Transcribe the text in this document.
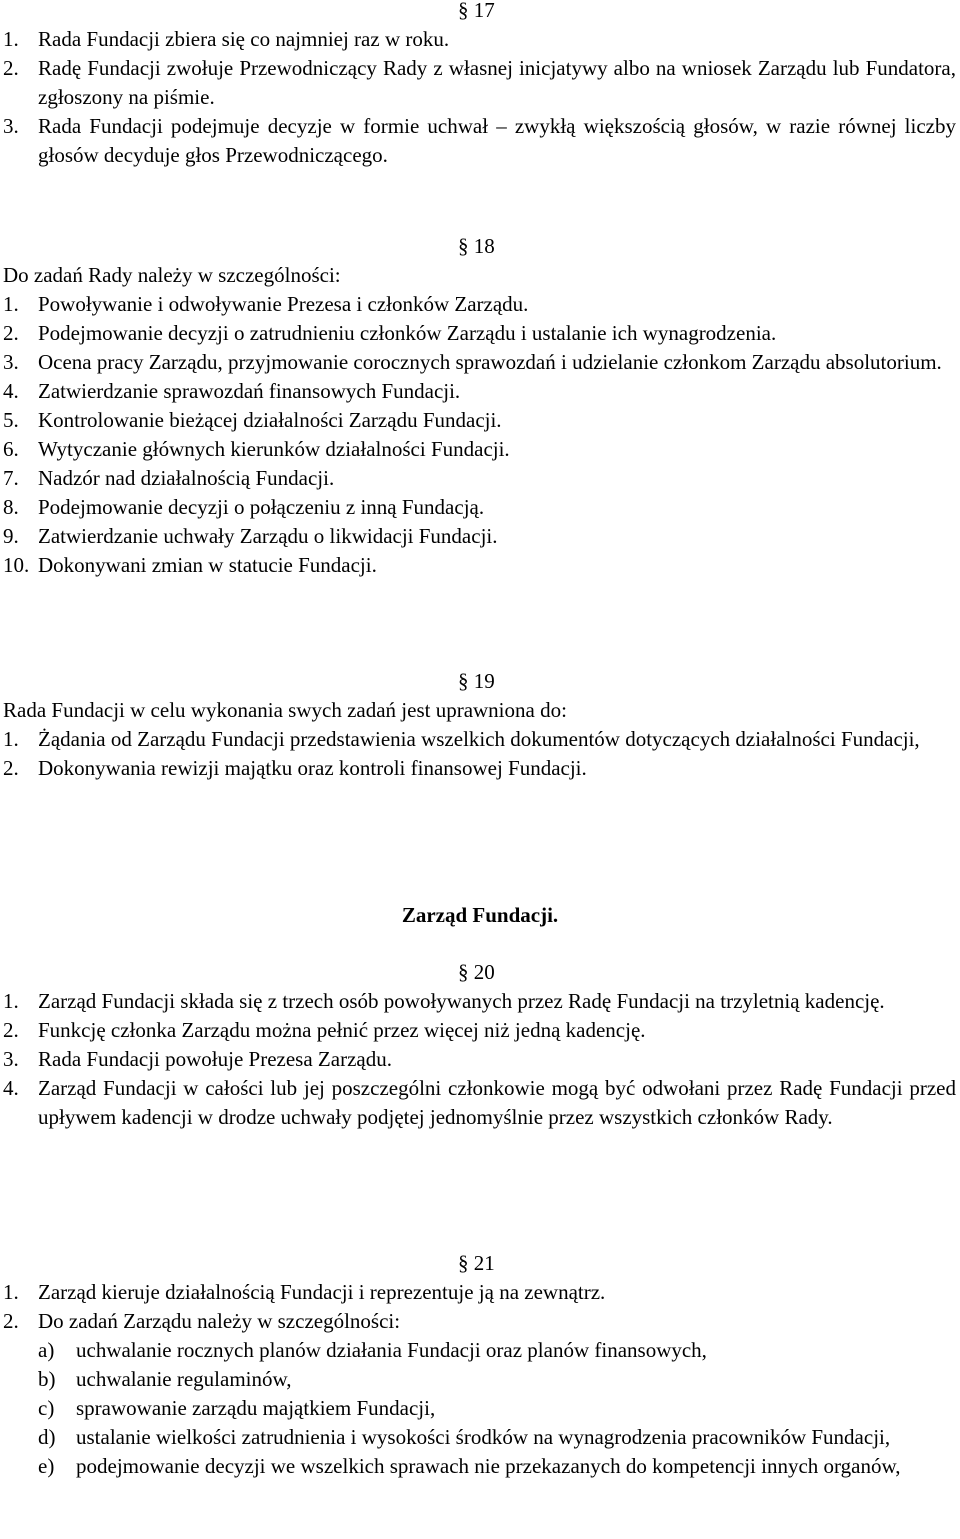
§ 17
1. Rada Fundacji zbiera się co najmniej raz w roku.
2. Radę Fundacji zwołuje Przewodniczący Rady z własnej inicjatywy albo na wniosek Zarządu lub Fundatora, zgłoszony na piśmie.
3. Rada Fundacji podejmuje decyzje w formie uchwał – zwykłą większością głosów, w razie równej liczby głosów decyduje głos Przewodniczącego.
§ 18

Do zadań Rady należy w szczególności:

1. Powoływanie i odwoływanie Prezesa i członków Zarządu.
2. Podejmowanie decyzji o zatrudnieniu członków Zarządu i ustalanie ich wynagrodzenia.
3. Ocena pracy Zarządu, przyjmowanie corocznych sprawozdań i udzielanie członkom Zarządu absolutorium.
4. Zatwierdzanie sprawozdań finansowych Fundacji.
5. Kontrolowanie bieżącej działalności Zarządu Fundacji.
6. Wytyczanie głównych kierunków działalności Fundacji.
7. Nadzór nad działalnością Fundacji.
8. Podejmowanie decyzji o połączeniu z inną Fundacją.
9. Zatwierdzanie uchwały Zarządu o likwidacji Fundacji.
10. Dokonywani zmian w statucie Fundacji.
§ 19

Rada Fundacji w celu wykonania swych zadań jest uprawniona do:

1. Żądania od Zarządu Fundacji przedstawienia wszelkich dokumentów dotyczących działalności Fundacji,
2. Dokonywania rewizji majątku oraz kontroli finansowej Fundacji.
Zarząd Fundacji.
§ 20
1. Zarząd Fundacji składa się z trzech osób powoływanych przez Radę Fundacji na trzyletnią kadencję.
2. Funkcję członka Zarządu można pełnić przez więcej niż jedną kadencję.
3. Rada Fundacji powołuje Prezesa Zarządu.
4. Zarząd Fundacji w całości lub jej poszczególni członkowie mogą być odwołani przez Radę Fundacji przed upływem kadencji w drodze uchwały podjętej jednomyślnie przez wszystkich członków Rady.
§ 21
1. Zarząd kieruje działalnością Fundacji i reprezentuje ją na zewnątrz.
2. Do zadań Zarządu należy w szczególności:
a) uchwalanie rocznych planów działania Fundacji oraz planów finansowych,
b) uchwalanie regulaminów,
c) sprawowanie zarządu majątkiem Fundacji,
d) ustalanie wielkości zatrudnienia i wysokości środków na wynagrodzenia pracowników Fundacji,
e) podejmowanie decyzji we wszelkich sprawach nie przekazanych do kompetencji innych organów,
